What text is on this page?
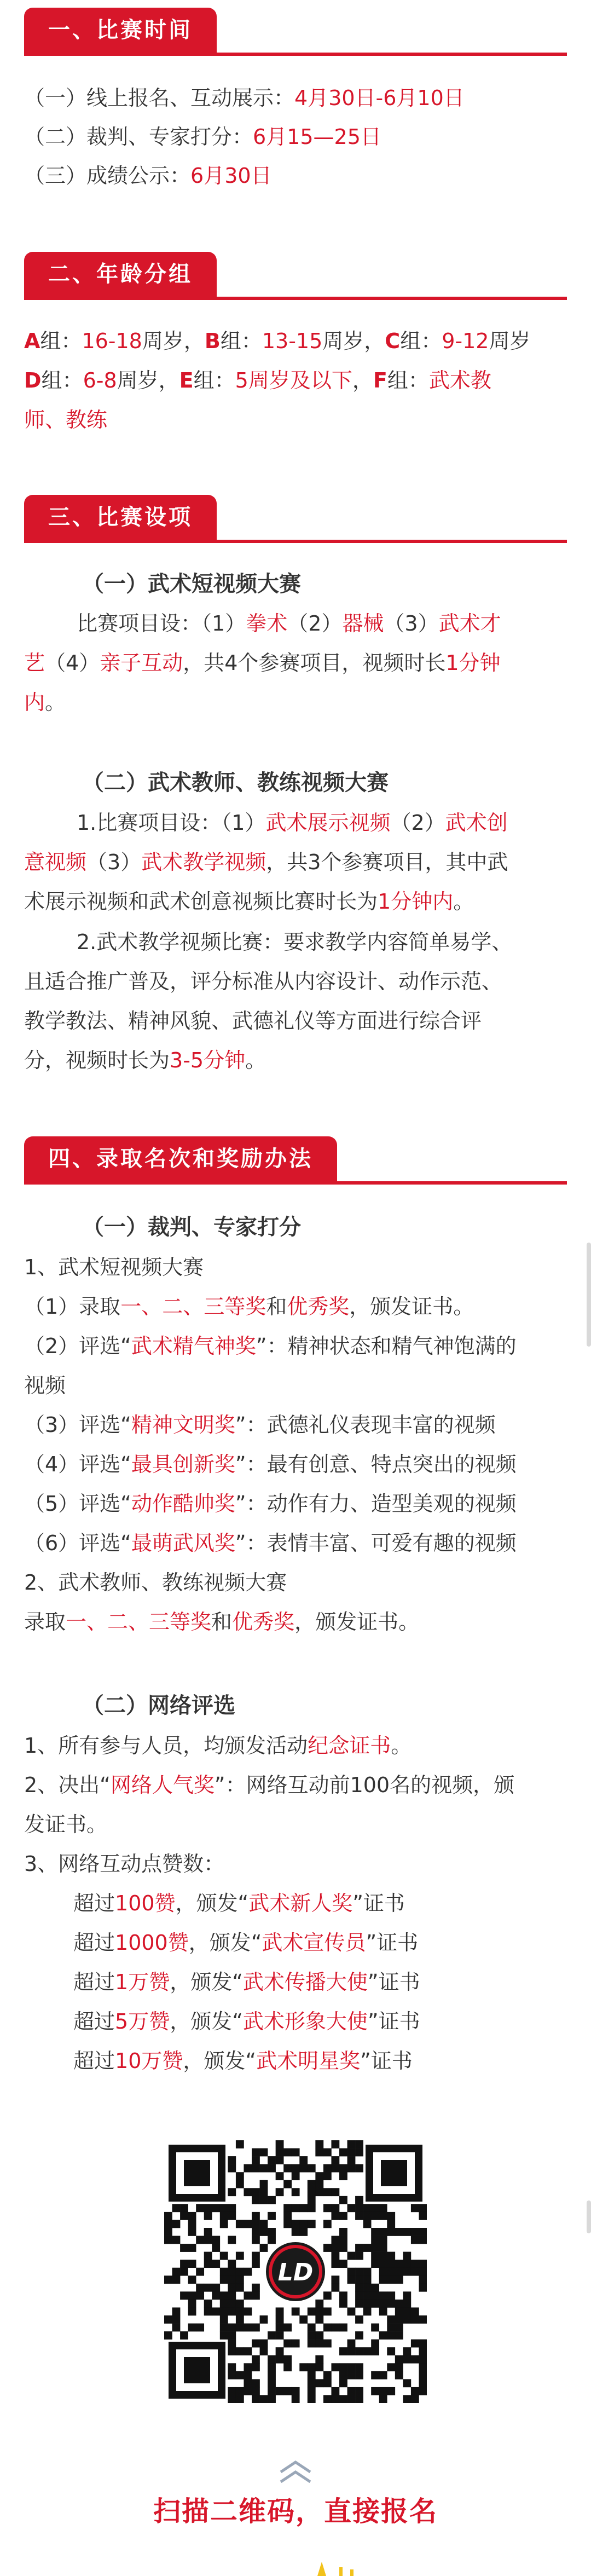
一、比赛时间
（一）线上报名、互动展示：4月30日-6月10日
（二）裁判、专家打分：6月15—25日
（三）成绩公示：6月30日
二、年龄分组
A组：16-18周岁，B组：13-15周岁，C组：9-12周岁
D组：6-8周岁，E组：5周岁及以下，F组：武术教
师、教练
三、比赛设项
（一）武术短视频大赛
比赛项目设：（1）拳术（2）器械（3）武术才
艺（4）亲子互动，共4个参赛项目，视频时长1分钟
内。
（二）武术教师、教练视频大赛
1.比赛项目设：（1）武术展示视频（2）武术创
意视频（3）武术教学视频，共3个参赛项目，其中武
术展示视频和武术创意视频比赛时长为1分钟内。
2.武术教学视频比赛：要求教学内容简单易学、
且适合推广普及，评分标准从内容设计、动作示范、
教学教法、精神风貌、武德礼仪等方面进行综合评
分，视频时长为3-5分钟。
四、录取名次和奖励办法
（一）裁判、专家打分
1、武术短视频大赛
（1）录取一、二、三等奖和优秀奖，颁发证书。
（2）评选“武术精气神奖”：精神状态和精气神饱满的
视频
（3）评选“精神文明奖”：武德礼仪表现丰富的视频
（4）评选“最具创新奖”：最有创意、特点突出的视频
（5）评选“动作酷帅奖”：动作有力、造型美观的视频
（6）评选“最萌武风奖”：表情丰富、可爱有趣的视频
2、武术教师、教练视频大赛
录取一、二、三等奖和优秀奖，颁发证书。
（二）网络评选
1、所有参与人员，均颁发活动纪念证书。
2、决出“网络人气奖”：网络互动前100名的视频，颁
发证书。
3、网络互动点赞数：
超过100赞，颁发“武术新人奖”证书
超过1000赞，颁发“武术宣传员”证书
超过1万赞，颁发“武术传播大使”证书
超过5万赞，颁发“武术形象大使”证书
超过10万赞，颁发“武术明星奖”证书
LD
扫描二维码，直接报名
